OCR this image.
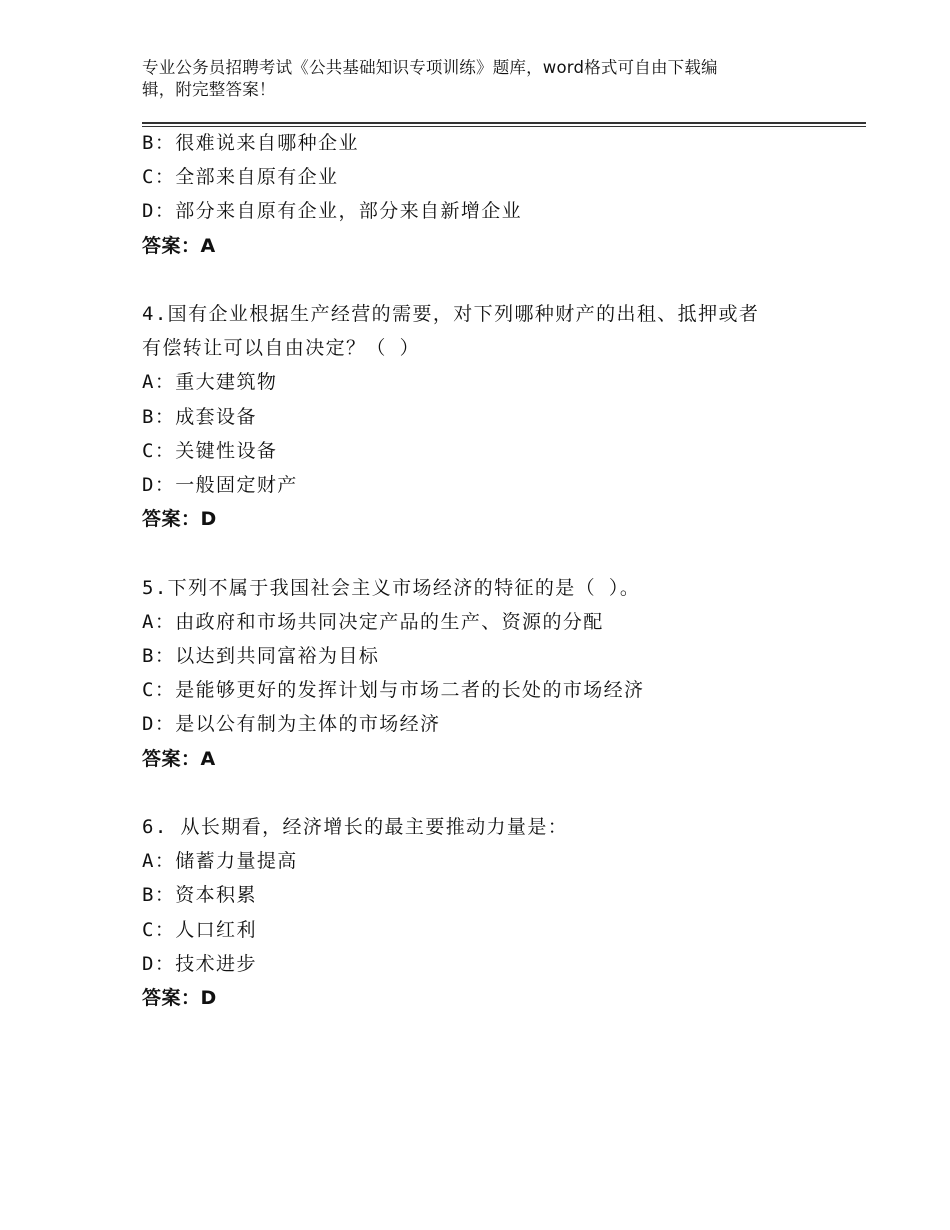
专业公务员招聘考试《公共基础知识专项训练》题库，word格式可自由下载编
辑，附完整答案！
B：很难说来自哪种企业
C：全部来自原有企业
D：部分来自原有企业，部分来自新增企业
答案：A
4.国有企业根据生产经营的需要，对下列哪种财产的出租、抵押或者
有偿转让可以自由决定？（ ）
A：重大建筑物
B：成套设备
C：关键性设备
D：一般固定财产
答案：D
5.下列不属于我国社会主义市场经济的特征的是（ ）。
A：由政府和市场共同决定产品的生产、资源的分配
B：以达到共同富裕为目标
C：是能够更好的发挥计划与市场二者的长处的市场经济
D：是以公有制为主体的市场经济
答案：A
6. 从长期看，经济增长的最主要推动力量是：
A：储蓄力量提高
B：资本积累
C：人口红利
D：技术进步
答案：D
